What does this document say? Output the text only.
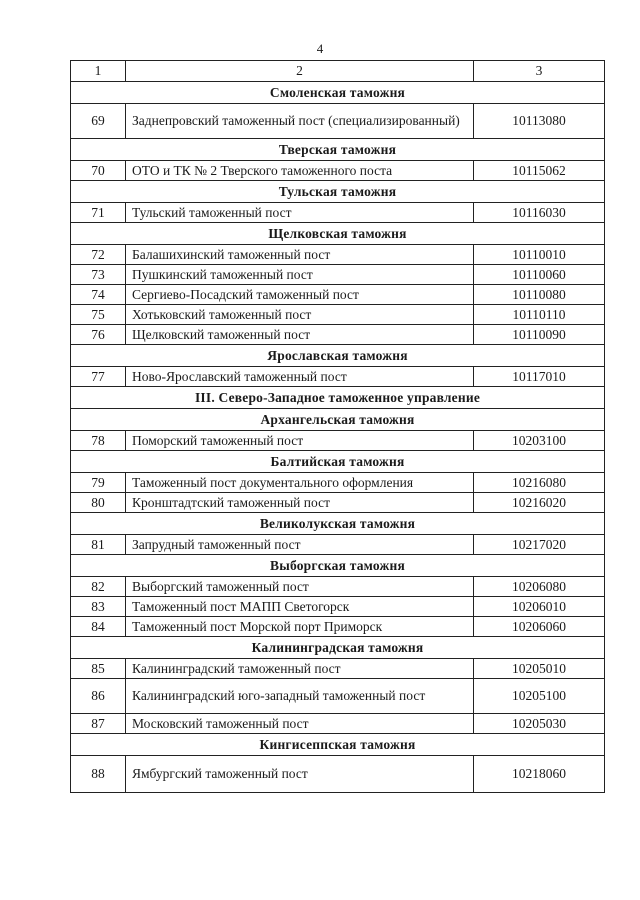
4
1	2	3
Смоленская таможня		
69	Заднепровский таможенный пост (специализированный)	10113080
Тверская таможня		
70	ОТО и ТК № 2 Тверского таможенного поста	10115062
Тульская таможня		
71	Тульский таможенный пост	10116030
Щелковская таможня		
72	Балашихинский таможенный пост	10110010
73	Пушкинский таможенный пост	10110060
74	Сергиево-Посадский таможенный пост	10110080
75	Хотьковский таможенный пост	10110110
76	Щелковский таможенный пост	10110090
Ярославская таможня		
77	Ново-Ярославский таможенный пост	10117010
III. Северо-Западное таможенное управление		
Архангельская таможня		
78	Поморский таможенный пост	10203100
Балтийская таможня		
79	Таможенный пост документального оформления	10216080
80	Кронштадтский таможенный пост	10216020
Великолукская таможня		
81	Запрудный таможенный пост	10217020
Выборгская таможня		
82	Выборгский таможенный пост	10206080
83	Таможенный пост МАПП Светогорск	10206010
84	Таможенный пост Морской порт Приморск	10206060
Калининградская таможня		
85	Калининградский таможенный пост	10205010
86	Калининградский юго-западный таможенный пост	10205100
87	Московский таможенный пост	10205030
Кингисеппская таможня		
88	Ямбургский таможенный пост	10218060
